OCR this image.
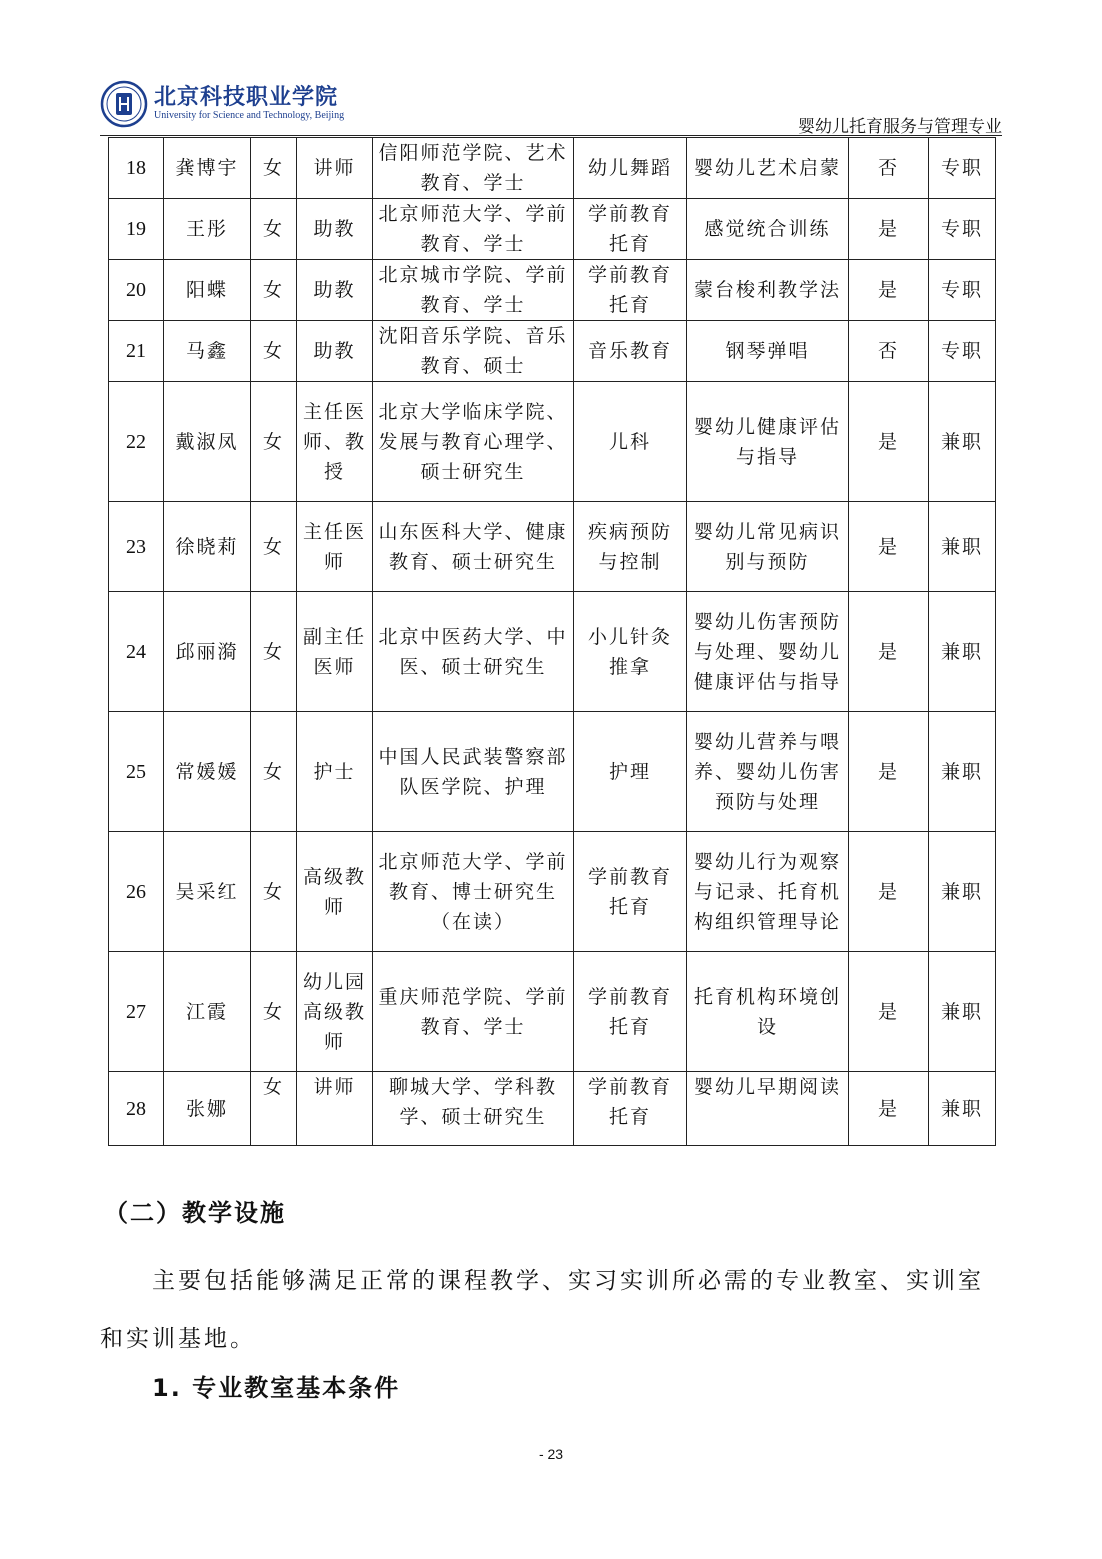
北京科技职业学院
University for Science and Technology, Beijing
婴幼儿托育服务与管理专业
18	龚博宇	女	讲师	信阳师范学院、艺术教育、学士	幼儿舞蹈	婴幼儿艺术启蒙	否	专职
19	王彤	女	助教	北京师范大学、学前教育、学士	学前教育托育	感觉统合训练	是	专职
20	阳蝶	女	助教	北京城市学院、学前教育、学士	学前教育托育	蒙台梭利教学法	是	专职
21	马鑫	女	助教	沈阳音乐学院、音乐教育、硕士	音乐教育	钢琴弹唱	否	专职
22	戴淑凤	女	主任医师、教授	北京大学临床学院、发展与教育心理学、硕士研究生	儿科	婴幼儿健康评估与指导	是	兼职
23	徐晓莉	女	主任医师	山东医科大学、健康教育、硕士研究生	疾病预防与控制	婴幼儿常见病识别与预防	是	兼职
24	邱丽漪	女	副主任医师	北京中医药大学、中医、硕士研究生	小儿针灸推拿	婴幼儿伤害预防与处理、婴幼儿健康评估与指导	是	兼职
25	常媛媛	女	护士	中国人民武装警察部队医学院、护理	护理	婴幼儿营养与喂养、婴幼儿伤害预防与处理	是	兼职
26	吴采红	女	高级教师	北京师范大学、学前教育、博士研究生（在读）	学前教育托育	婴幼儿行为观察与记录、托育机构组织管理导论	是	兼职
27	江霞	女	幼儿园高级教师	重庆师范学院、学前教育、学士	学前教育托育	托育机构环境创设	是	兼职
28	张娜	女	讲师	聊城大学、学科教学、硕士研究生	学前教育托育	婴幼儿早期阅读	是	兼职
（二）教学设施

主要包括能够满足正常的课程教学、实习实训所必需的专业教室、实训室和实训基地。

1. 专业教室基本条件
- 23
